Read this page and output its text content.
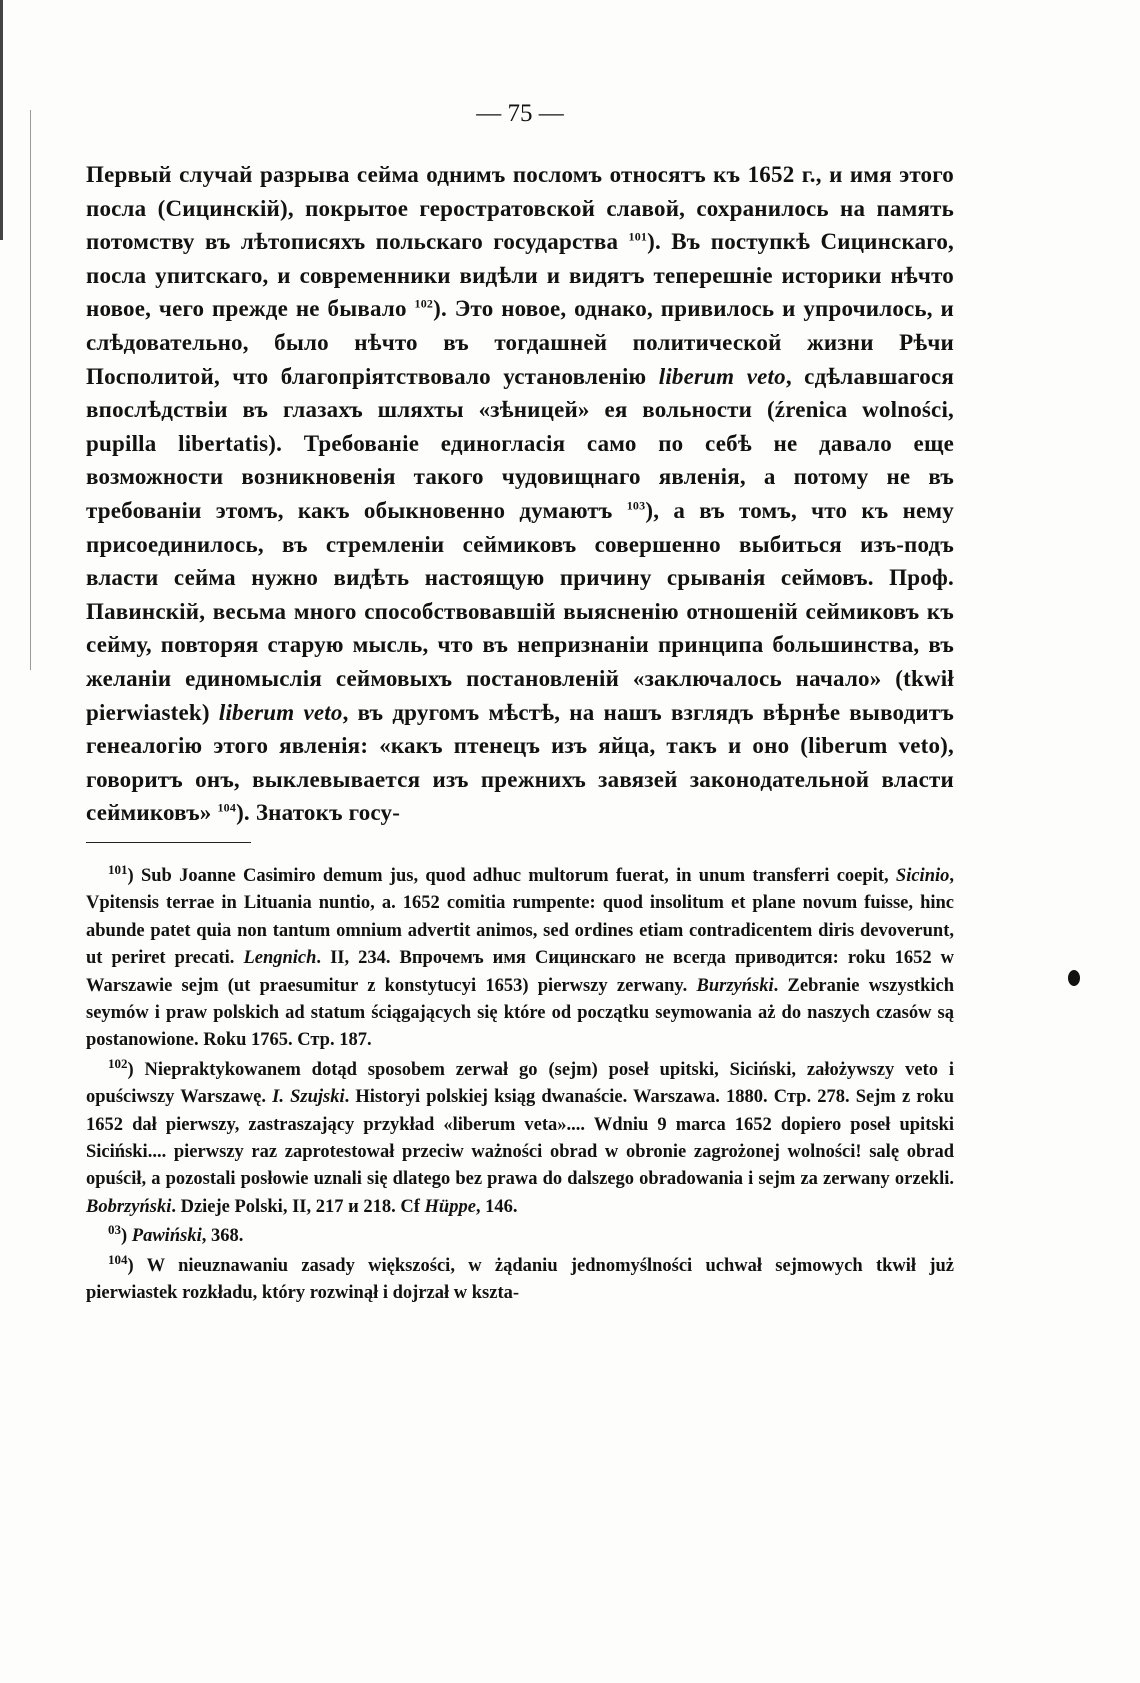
— 75 —

Первый случай разрыва сейма однимъ посломъ относятъ къ 1652 г., и имя этого посла (Сицинскій), покрытое геростратовской славой, сохранилось на память потомству въ лѣтописяхъ польскаго государства $^{101}$). Въ поступкѣ Сицинскаго, посла упитскаго, и современники видѣли и видятъ теперешніе историки нѣчто новое, чего прежде не бывало $^{102}$). Это новое, однако, привилось и упрочилось, и слѣдовательно, было нѣчто въ тогдашней политической жизни Рѣчи Посполитой, что благопріятствовало установленію liberum veto, сдѣлавшагося впослѣдствіи въ глазахъ шляхты «зѣницей» ея вольности (źrenica wolności, pupilla libertatis). Требованіе единогласія само по себѣ не давало еще возможности возникновенія такого чудовищнаго явленія, а потому не въ требованіи этомъ, какъ обыкновенно думаютъ $^{103}$), а въ томъ, что къ нему присоединилось, въ стремленіи сеймиковъ совершенно выбиться изъ-подъ власти сейма нужно видѣть настоящую причину срыванія сеймовъ. Проф. Павинскій, весьма много способствовавшій выясненію отношеній сеймиковъ къ сейму, повторяя старую мысль, что въ непризнаніи принципа большинства, въ желаніи единомыслія сеймовыхъ постановленій «заключалось начало» (tkwił pierwiastek) liberum veto, въ другомъ мѣстѣ, на нашъ взглядъ вѣрнѣе выводитъ генеалогію этого явленія: «какъ птенецъ изъ яйца, такъ и оно (liberum veto), говоритъ онъ, выклевывается изъ прежнихъ завязей законодательной власти сеймиковъ» $^{104}$). Знатокъ госу-

$^{101}$) Sub Joanne Casimiro demum jus, quod adhuc multorum fuerat, in unum transferri coepit, Sicinio, Vpitensis terrae in Lituania nuntio, a. 1652 comitia rumpente: quod insolitum et plane novum fuisse, hinc abunde patet quia non tantum omnium advertit animos, sed ordines etiam contradicentem diris devoverunt, ut periret precati. Lengnich. II, 234. Впрочемъ имя Сицинскаго не всегда приводится: roku 1652 w Warszawie sejm (ut praesumitur z konstytucyi 1653) pierwszy zerwany. Burzyński. Zebranie wszystkich seymów i praw polskich ad statum ściągających się które od początku seymowania aż do naszych czasów są postanowione. Roku 1765. Стр. 187.

$^{102}$) Niepraktykowanem dotąd sposobem zerwał go (sejm) poseł upitski, Siciński, założywszy veto i opuściwszy Warszawę. I. Szujski. Historyi polskiej ksiąg dwanaście. Warszawa. 1880. Стр. 278. Sejm z roku 1652 dał pierwszy, zastraszający przykład «liberum veta».... Wdniu 9 marca 1652 dopiero poseł upitski Siciński.... pierwszy raz zaprotestował przeciw ważności obrad w obronie zagrożonej wolności! salę obrad opuścił, a pozostali posłowie uznali się dlatego bez prawa do dalszego obradowania i sejm za zerwany orzekli. Bobrzyński. Dzieje Polski, II, 217 и 218. Cf Hüppe, 146.

$^{03}$) Pawiński, 368.

$^{104}$) W nieuznawaniu zasady większości, w żądaniu jednomyślności uchwał sejmowych tkwił już pierwiastek rozkładu, który rozwinął i dojrzał w ksztа-
